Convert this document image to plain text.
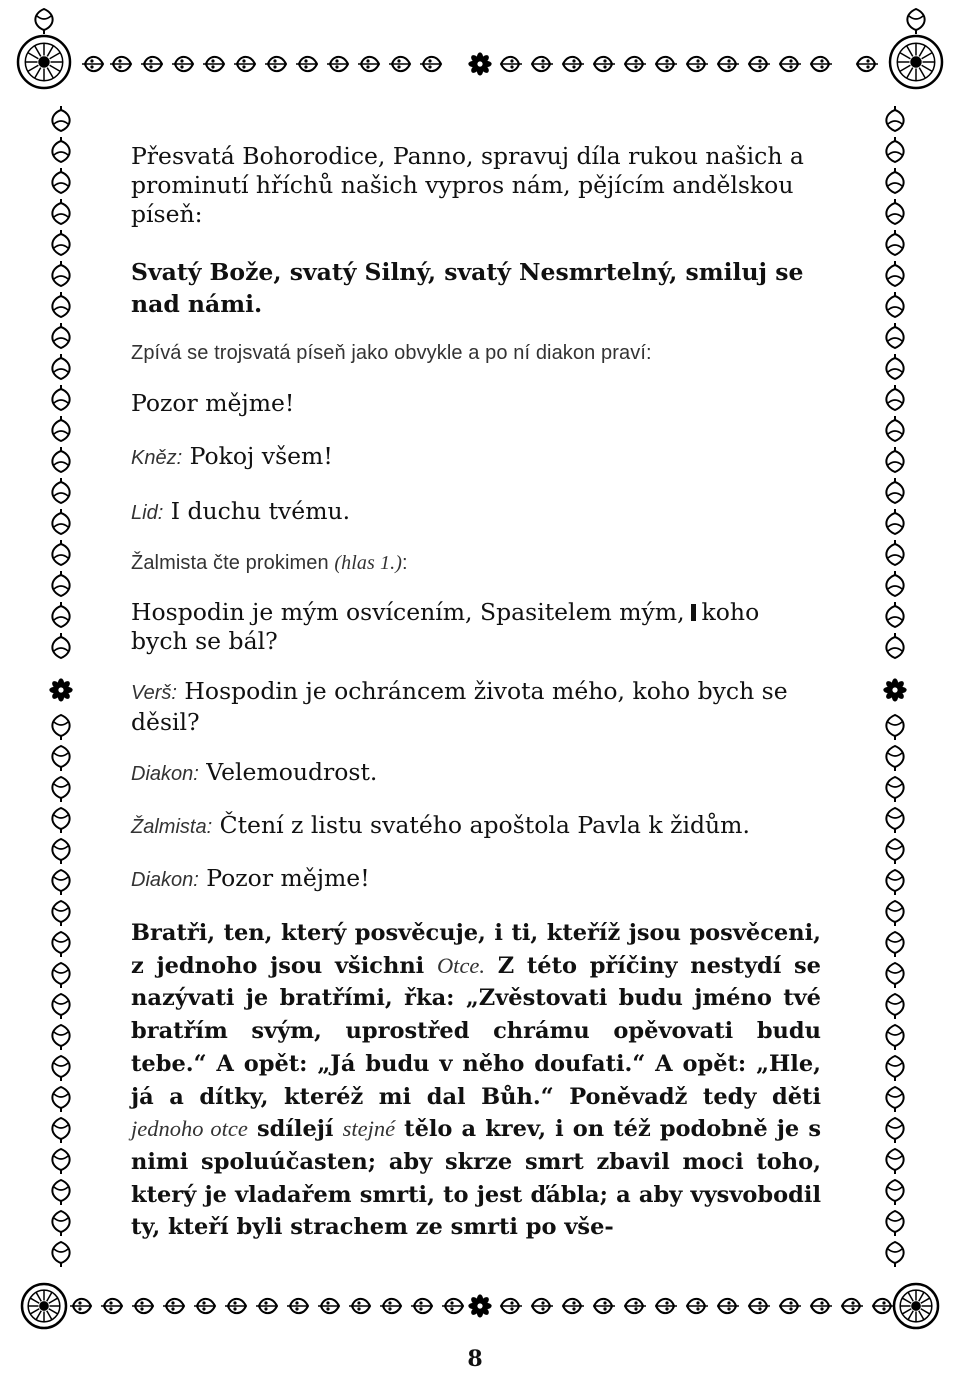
Přesvatá Bohorodice, Panno, spravuj díla rukou našich a prominutí hříchů našich vypros nám, pějícím andělskou píseň:

Svatý Bože, svatý Silný, svatý Nesmrtelný, smiluj se nad námi.

Zpívá se trojsvatá píseň jako obvykle a po ní diakon praví:

Pozor mějme!

Kněz: Pokoj všem!

Lid: I duchu tvému.

Žalmista čte prokimen (hlas 1.):

Hospodin je mým osvícením, Spasitelem mým, koho bych se bál?

Verš: Hospodin je ochráncem života mého, koho bych se děsil?

Diakon: Velemoudrost.

Žalmista: Čtení z listu svatého apoštola Pavla k židům.

Diakon: Pozor mějme!

Bratři, ten, který posvěcuje, i ti, kteříž jsou posvěceni, z jednoho jsou všichni Otce. Z této příčiny nestydí se nazývati je bratřími, řka: „Zvěstovati budu jméno tvé bratřím svým, uprostřed chrámu opěvovati budu tebe.“ A opět: „Já budu v něho doufati.“ A opět: „Hle, já a dítky, kteréž mi dal Bůh.“ Poněvadž tedy děti jednoho otce sdílejí stejné tělo a krev, i on též podobně je s nimi spoluúčasten; aby skrze smrt zbavil moci toho, který je vladařem smrti, to jest ďábla; a aby vysvobodil ty, kteří byli strachem ze smrti po vše-

8
